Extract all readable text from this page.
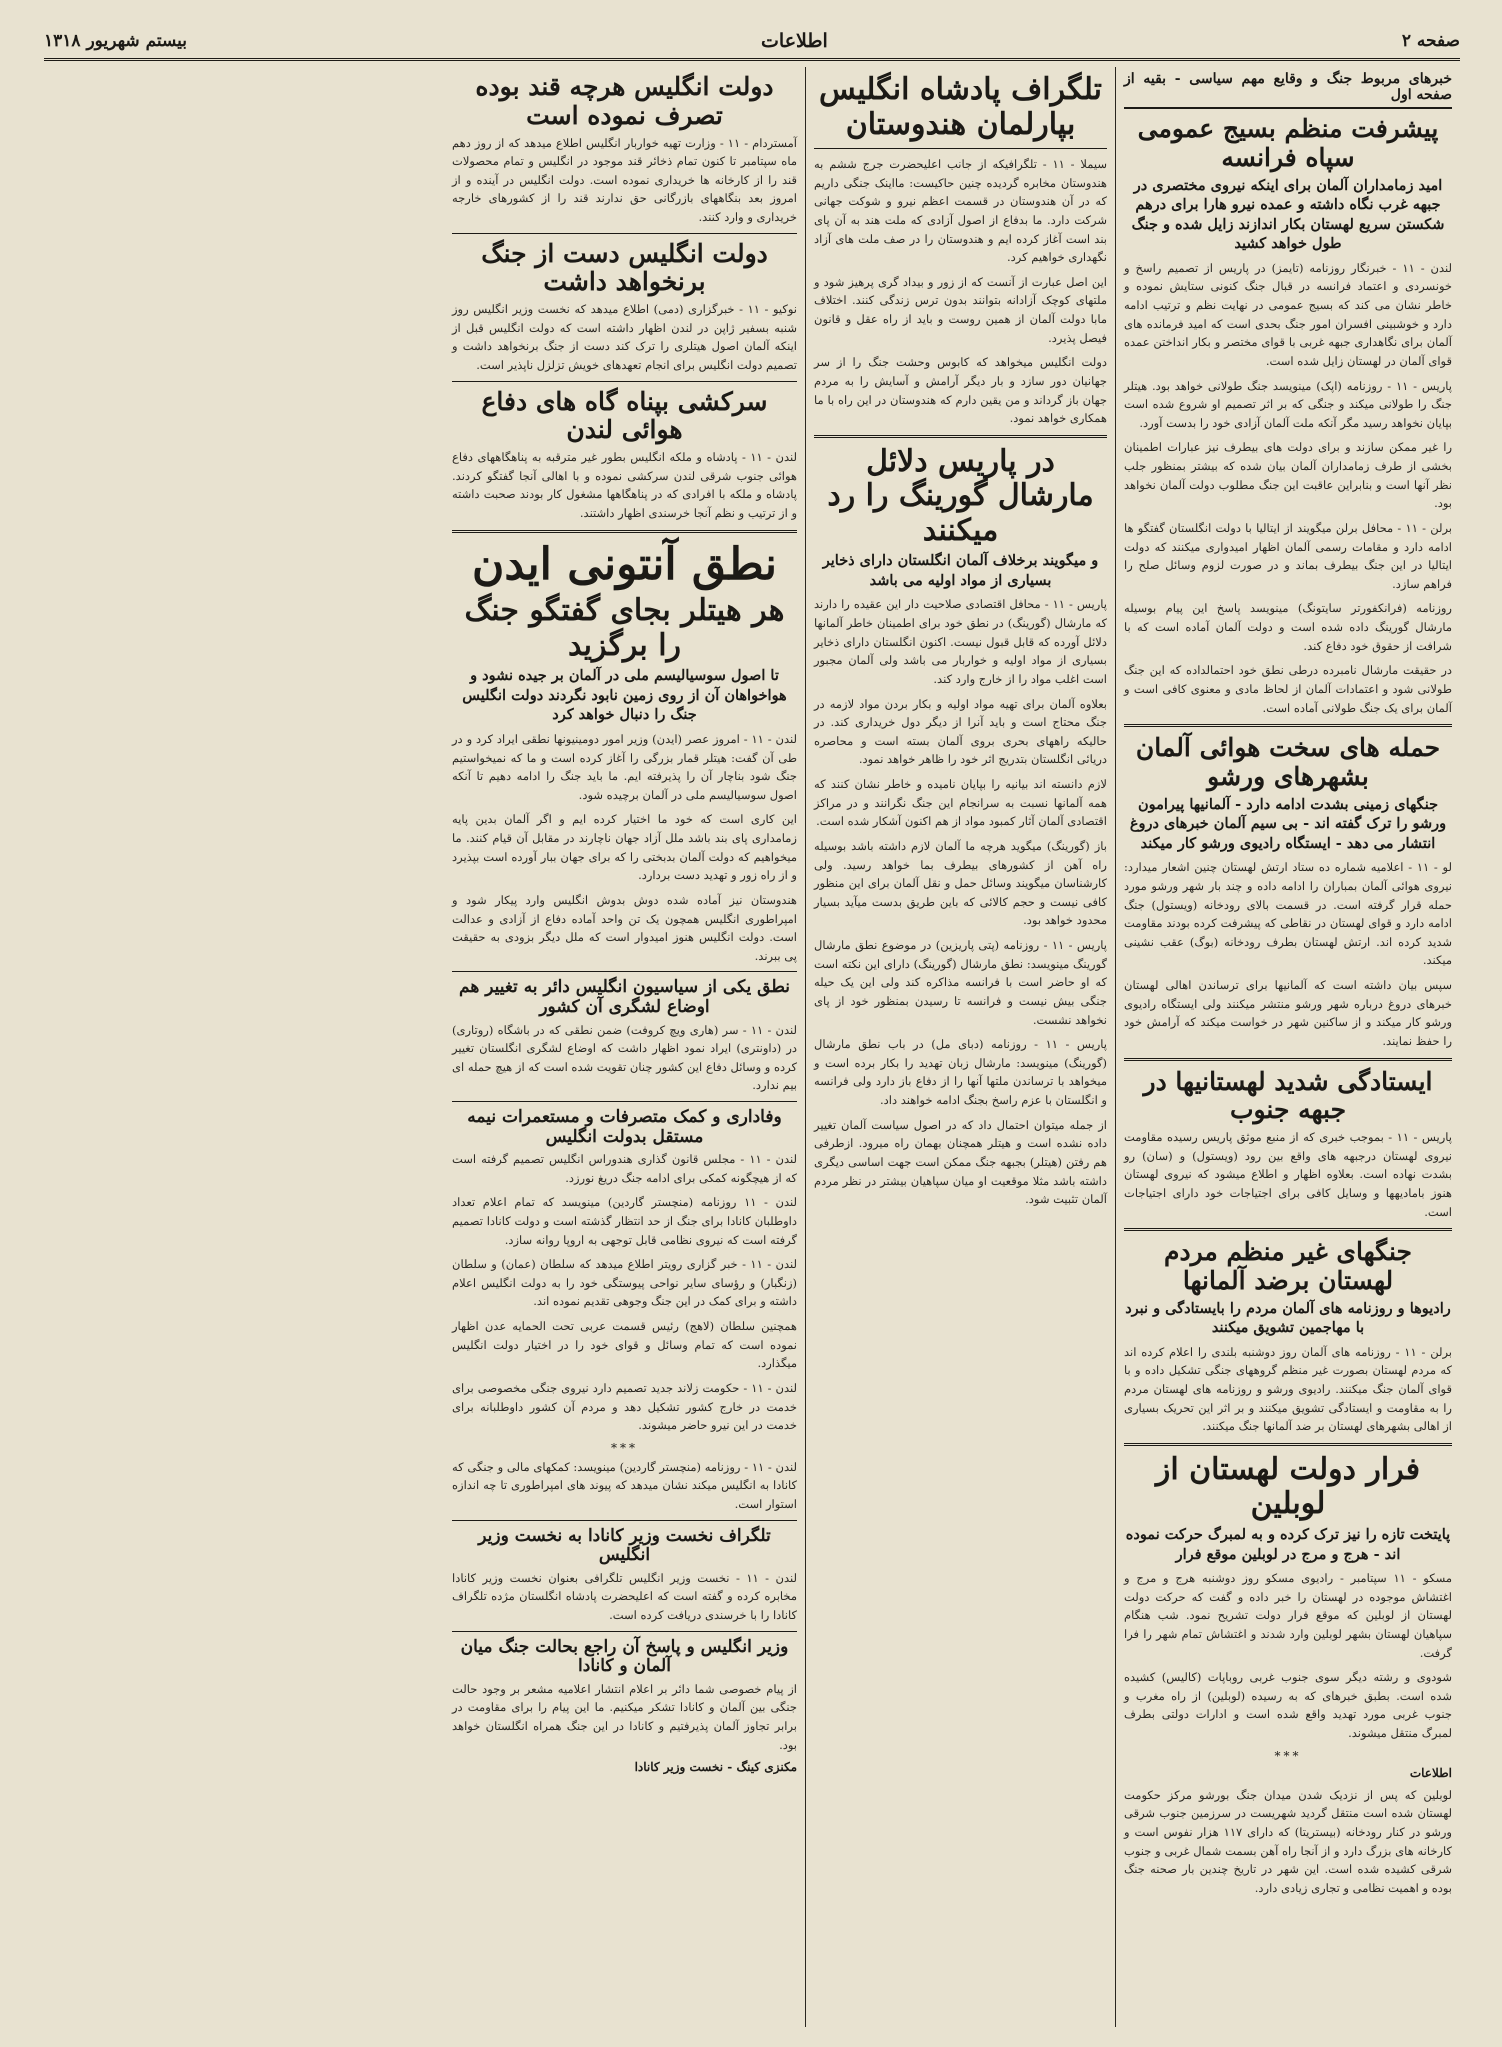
صفحه ۲
اطلاعات
بیستم شهریور ۱۳۱۸
خبرهای مربوط جنگ و وقایع مهم سیاسی - بقیه از صفحه اول
پیشرفت منظم بسیج عمومی سپاه فرانسه
امید زمامداران آلمان برای اینکه نیروی مختصری در جبهه غرب نگاه داشته و عمده نیرو هارا برای درهم شکستن سریع لهستان بکار اندازند زایل شده و جنگ طول خواهد کشید

لندن - ۱۱ - خبرنگار روزنامه (تایمز) در پاریس از تصمیم راسخ و خونسردی و اعتماد فرانسه در قبال جنگ کنونی ستایش نموده و خاطر نشان می کند که بسیج عمومی در نهایت نظم و ترتیب ادامه دارد و خوشبینی افسران امور جنگ بحدی است که امید فرمانده های آلمان برای نگاهداری جبهه غربی با قوای مختصر و بکار انداختن عمده قوای آلمان در لهستان زایل شده است.

پاریس - ۱۱ - روزنامه (اپک) مینویسد جنگ طولانی خواهد بود. هیتلر جنگ را طولانی میکند و جنگی که بر اثر تصمیم او شروع شده است بپایان نخواهد رسید مگر آنکه ملت آلمان آزادی خود را بدست آورد.

را غیر ممکن سازند و برای دولت های بیطرف نیز عبارات اطمینان بخشی از طرف زمامداران آلمان بیان شده که بیشتر بمنظور جلب نظر آنها است و بنابراین عاقبت این جنگ مطلوب دولت آلمان نخواهد بود.

برلن - ۱۱ - محافل برلن میگویند از ایتالیا با دولت انگلستان گفتگو ها ادامه دارد و مقامات رسمی آلمان اظهار امیدواری میکنند که دولت ایتالیا در این جنگ بیطرف بماند و در صورت لزوم وسائل صلح را فراهم سازد.

روزنامه (فرانکفورتر سایتونگ) مینویسد پاسخ این پیام بوسیله مارشال گورینگ داده شده است و دولت آلمان آماده است که با شرافت از حقوق خود دفاع کند.

در حقیقت مارشال نامبرده درطی نطق خود احتمالداده که این جنگ طولانی شود و اعتمادات آلمان از لحاظ مادی و معنوی کافی است و آلمان برای یک جنگ طولانی آماده است.

حمله های سخت هوائی آلمان بشهرهای ورشو
جنگهای زمینی بشدت ادامه دارد - آلمانیها پیرامون ورشو را ترک گفته اند - بی سیم آلمان خبرهای دروغ انتشار می دهد - ایستگاه رادیوی ورشو کار میکند

لو - ۱۱ - اعلامیه شماره ده ستاد ارتش لهستان چنین اشعار میدارد: نیروی هوائی آلمان بمباران را ادامه داده و چند بار شهر ورشو مورد حمله قرار گرفته است. در قسمت بالای رودخانه (ویستول) جنگ ادامه دارد و قوای لهستان در نقاطی که پیشرفت کرده بودند مقاومت شدید کرده اند. ارتش لهستان بطرف رودخانه (بوگ) عقب نشینی میکند.

سپس بیان داشته است که آلمانیها برای ترساندن اهالی لهستان خبرهای دروغ درباره شهر ورشو منتشر میکنند ولی ایستگاه رادیوی ورشو کار میکند و از ساکنین شهر در خواست میکند که آرامش خود را حفظ نمایند.

ایستادگی شدید لهستانیها در جبهه جنوب

پاریس - ۱۱ - بموجب خبری که از منبع موثق پاریس رسیده مقاومت نیروی لهستان درجبهه های واقع بین رود (ویستول) و (سان) رو بشدت نهاده است. بعلاوه اظهار و اطلاع میشود که نیروی لهستان هنوز بامادیهها و وسایل کافی برای اجتیاجات خود دارای اجتیاجات است.

جنگهای غیر منظم مردم لهستان برضد آلمانها
رادیوها و روزنامه های آلمان مردم را بایستادگی و نبرد با مهاجمین تشویق میکنند

برلن - ۱۱ - روزنامه های آلمان روز دوشنبه بلندی را اعلام کرده اند که مردم لهستان بصورت غیر منظم گروههای جنگی تشکیل داده و با قوای آلمان جنگ میکنند. رادیوی ورشو و روزنامه های لهستان مردم را به مقاومت و ایستادگی تشویق میکنند و بر اثر این تحریک بسیاری از اهالی بشهرهای لهستان بر ضد آلمانها جنگ میکنند.

فرار دولت لهستان از لوبلین
پایتخت تازه را نیز ترک کرده و به لمبرگ حرکت نموده اند - هرج و مرج در لوبلین موقع فرار

مسکو - ۱۱ سپتامبر - رادیوی مسکو روز دوشنبه هرج و مرج و اغتشاش موجوده در لهستان را خبر داده و گفت که حرکت دولت لهستان از لوبلین که موقع فرار دولت تشریح نمود. شب هنگام سپاهیان لهستان بشهر لوبلین وارد شدند و اغتشاش تمام شهر را فرا گرفت.

شودوی و رشته دیگر سوی جنوب غربی روباپات (کالیس) کشیده شده است. بطبق خبرهای که به رسیده (لوبلین) از راه مغرب و جنوب غربی مورد تهدید واقع شده است و ادارات دولتی بطرف لمبرگ منتقل میشوند.

***
اطلاعات

لوبلین که پس از نزدیک شدن میدان جنگ بورشو مرکز حکومت لهستان شده است منتقل گردید شهریست در سرزمین جنوب شرقی ورشو در کنار رودخانه (بیستریتا) که دارای ۱۱۷ هزار نفوس است و کارخانه های بزرگ دارد و از آنجا راه آهن بسمت شمال غربی و جنوب شرقی کشیده شده است. این شهر در تاریخ چندین بار صحنه جنگ بوده و اهمیت نظامی و تجاری زیادی دارد.

تلگراف پادشاه انگلیس بپارلمان هندوستان

سیملا - ۱۱ - تلگرافیکه از جانب اعلیحضرت جرج ششم به هندوستان مخابره گردیده چنین حاکیست: مااینک جنگی داریم که در آن هندوستان در قسمت اعظم نیرو و شوکت جهانی شرکت دارد. ما بدفاع از اصول آزادی که ملت هند به آن پای بند است آغاز کرده ایم و هندوستان را در صف ملت های آزاد نگهداری خواهیم کرد.

این اصل عبارت از آنست که از زور و بیداد گری پرهیز شود و ملتهای کوچک آزادانه بتوانند بدون ترس زندگی کنند. اختلاف مابا دولت آلمان از همین روست و باید از راه عقل و قانون فیصل پذیرد.

دولت انگلیس میخواهد که کابوس وحشت جنگ را از سر جهانیان دور سازد و بار دیگر آرامش و آسایش را به مردم جهان باز گرداند و من یقین دارم که هندوستان در این راه با ما همکاری خواهد نمود.

در پاریس دلائل مارشال گورینگ را رد میکنند
و میگویند برخلاف آلمان انگلستان دارای ذخایر بسیاری از مواد اولیه می باشد

پاریس - ۱۱ - محافل اقتصادی صلاحیت دار این عقیده را دارند که مارشال (گورینگ) در نطق خود برای اطمینان خاطر آلمانها دلائل آورده که قابل قبول نیست. اکنون انگلستان دارای ذخایر بسیاری از مواد اولیه و خواربار می باشد ولی آلمان مجبور است اغلب مواد را از خارج وارد کند.

بعلاوه آلمان برای تهیه مواد اولیه و بکار بردن مواد لازمه در جنگ محتاج است و باید آنرا از دیگر دول خریداری کند. در حالیکه راههای بحری بروی آلمان بسته است و محاصره دریائی انگلستان بتدریج اثر خود را ظاهر خواهد نمود.

لازم دانسته اند بیانیه را بپایان نامیده و خاطر نشان کنند که همه آلمانها نسبت به سرانجام این جنگ نگرانند و در مراکز اقتصادی آلمان آثار کمبود مواد از هم اکنون آشکار شده است.

باز (گورینگ) میگوید هرچه ما آلمان لازم داشته باشد بوسیله راه آهن از کشورهای بیطرف بما خواهد رسید. ولی کارشناسان میگویند وسائل حمل و نقل آلمان برای این منظور کافی نیست و حجم کالائی که باین طریق بدست میآید بسیار محدود خواهد بود.

پاریس - ۱۱ - روزنامه (پتی پاریزین) در موضوع نطق مارشال گورینگ مینویسد: نطق مارشال (گورینگ) دارای این نکته است که او حاضر است با فرانسه مذاکره کند ولی این یک حیله جنگی بیش نیست و فرانسه تا رسیدن بمنظور خود از پای نخواهد نشست.

پاریس - ۱۱ - روزنامه (دبای مل) در باب نطق مارشال (گورینگ) مینویسد: مارشال زبان تهدید را بکار برده است و میخواهد با ترساندن ملتها آنها را از دفاع باز دارد ولی فرانسه و انگلستان با عزم راسخ بجنگ ادامه خواهند داد.

از جمله میتوان احتمال داد که در اصول سیاست آلمان تغییر داده نشده است و هیتلر همچنان بهمان راه میرود. ازطرفی هم رفتن (هیتلر) بجبهه جنگ ممکن است جهت اساسی دیگری داشته باشد مثلا موقعیت او میان سپاهیان بیشتر در نظر مردم آلمان تثبیت شود.

دولت انگلیس هرچه قند بوده تصرف نموده است

آمستردام - ۱۱ - وزارت تهیه خواربار انگلیس اطلاع میدهد که از روز دهم ماه سپتامبر تا کنون تمام ذخائر قند موجود در انگلیس و تمام محصولات قند را از کارخانه ها خریداری نموده است. دولت انگلیس در آینده و از امروز بعد بنگاههای بازرگانی حق ندارند قند را از کشورهای خارجه خریداری و وارد کنند.

دولت انگلیس دست از جنگ برنخواهد داشت

نوکیو - ۱۱ - خبرگزاری (دمی) اطلاع میدهد که نخست وزیر انگلیس روز شنبه بسفیر ژاپن در لندن اظهار داشته است که دولت انگلیس قبل از اینکه آلمان اصول هیتلری را ترک کند دست از جنگ برنخواهد داشت و تصمیم دولت انگلیس برای انجام تعهدهای خویش تزلزل ناپذیر است.

سرکشی بپناه گاه های دفاع هوائی لندن

لندن - ۱۱ - پادشاه و ملکه انگلیس بطور غیر مترقبه به پناهگاههای دفاع هوائی جنوب شرقی لندن سرکشی نموده و با اهالی آنجا گفتگو کردند. پادشاه و ملکه با افرادی که در پناهگاهها مشغول کار بودند صحبت داشته و از ترتیب و نظم آنجا خرسندی اظهار داشتند.

نطق آنتونی ایدن
هر هیتلر بجای گفتگو جنگ را برگزید
تا اصول سوسیالیسم ملی در آلمان بر جیده نشود و هواخواهان آن از روی زمین نابود نگردند دولت انگلیس جنگ را دنبال خواهد کرد

لندن - ۱۱ - امروز عصر (ایدن) وزیر امور دومینیونها نطقی ایراد کرد و در طی آن گفت: هیتلر قمار بزرگی را آغاز کرده است و ما که نمیخواستیم جنگ شود بناچار آن را پذیرفته ایم. ما باید جنگ را ادامه دهیم تا آنکه اصول سوسیالیسم ملی در آلمان برچیده شود.

این کاری است که خود ما اختیار کرده ایم و اگر آلمان بدین پایه زمامداری پای بند باشد ملل آزاد جهان ناچارند در مقابل آن قیام کنند. ما میخواهیم که دولت آلمان بدبختی را که برای جهان ببار آورده است بپذیرد و از راه زور و تهدید دست بردارد.

هندوستان نیز آماده شده دوش بدوش انگلیس وارد پیکار شود و امپراطوری انگلیس همچون یک تن واحد آماده دفاع از آزادی و عدالت است. دولت انگلیس هنوز امیدوار است که ملل دیگر بزودی به حقیقت پی ببرند.

نطق یکی از سیاسیون انگلیس دائر به تغییر هم اوضاع لشگری آن کشور

لندن - ۱۱ - سر (هاری ویچ کروفت) ضمن نطقی که در باشگاه (روتاری) در (داونتری) ایراد نمود اظهار داشت که اوضاع لشگری انگلستان تغییر کرده و وسائل دفاع این کشور چنان تقویت شده است که از هیچ حمله ای بیم ندارد.

وفاداری و کمک متصرفات و مستعمرات نیمه مستقل بدولت انگلیس

لندن - ۱۱ - مجلس قانون گذاری هندوراس انگلیس تصمیم گرفته است که از هیچگونه کمکی برای ادامه جنگ دریغ نورزد.

لندن - ۱۱ روزنامه (منچستر گاردین) مینویسد که تمام اعلام تعداد داوطلبان کانادا برای جنگ از حد انتظار گذشته است و دولت کانادا تصمیم گرفته است که نیروی نظامی قابل توجهی به اروپا روانه سازد.

لندن - ۱۱ - خبر گزاری رویتر اطلاع میدهد که سلطان (عمان) و سلطان (زنگبار) و رؤسای سایر نواحی پیوستگی خود را به دولت انگلیس اعلام داشته و برای کمک در این جنگ وجوهی تقدیم نموده اند.

همچنین سلطان (لاهج) رئیس قسمت عربی تحت الحمایه عدن اظهار نموده است که تمام وسائل و قوای خود را در اختیار دولت انگلیس میگذارد.

لندن - ۱۱ - حکومت زلاند جدید تصمیم دارد نیروی جنگی مخصوصی برای خدمت در خارج کشور تشکیل دهد و مردم آن کشور داوطلبانه برای خدمت در این نیرو حاضر میشوند.

***

لندن - ۱۱ - روزنامه (منچستر گاردین) مینویسد: کمکهای مالی و جنگی که کانادا به انگلیس میکند نشان میدهد که پیوند های امپراطوری تا چه اندازه استوار است.

تلگراف نخست وزیر کانادا به نخست وزیر انگلیس

لندن - ۱۱ - نخست وزیر انگلیس تلگرافی بعنوان نخست وزیر کانادا مخابره کرده و گفته است که اعلیحضرت پادشاه انگلستان مژده تلگراف کانادا را با خرسندی دریافت کرده است.

وزیر انگلیس و پاسخ آن راجع بحالت جنگ میان آلمان و کانادا

از پیام خصوصی شما دائر بر اعلام انتشار اعلامیه مشعر بر وجود حالت جنگی بین آلمان و کانادا تشکر میکنیم. ما این پیام را برای مقاومت در برابر تجاوز آلمان پذیرفتیم و کانادا در این جنگ همراه انگلستان خواهد بود.

مکنزی کینگ - نخست وزیر کانادا
